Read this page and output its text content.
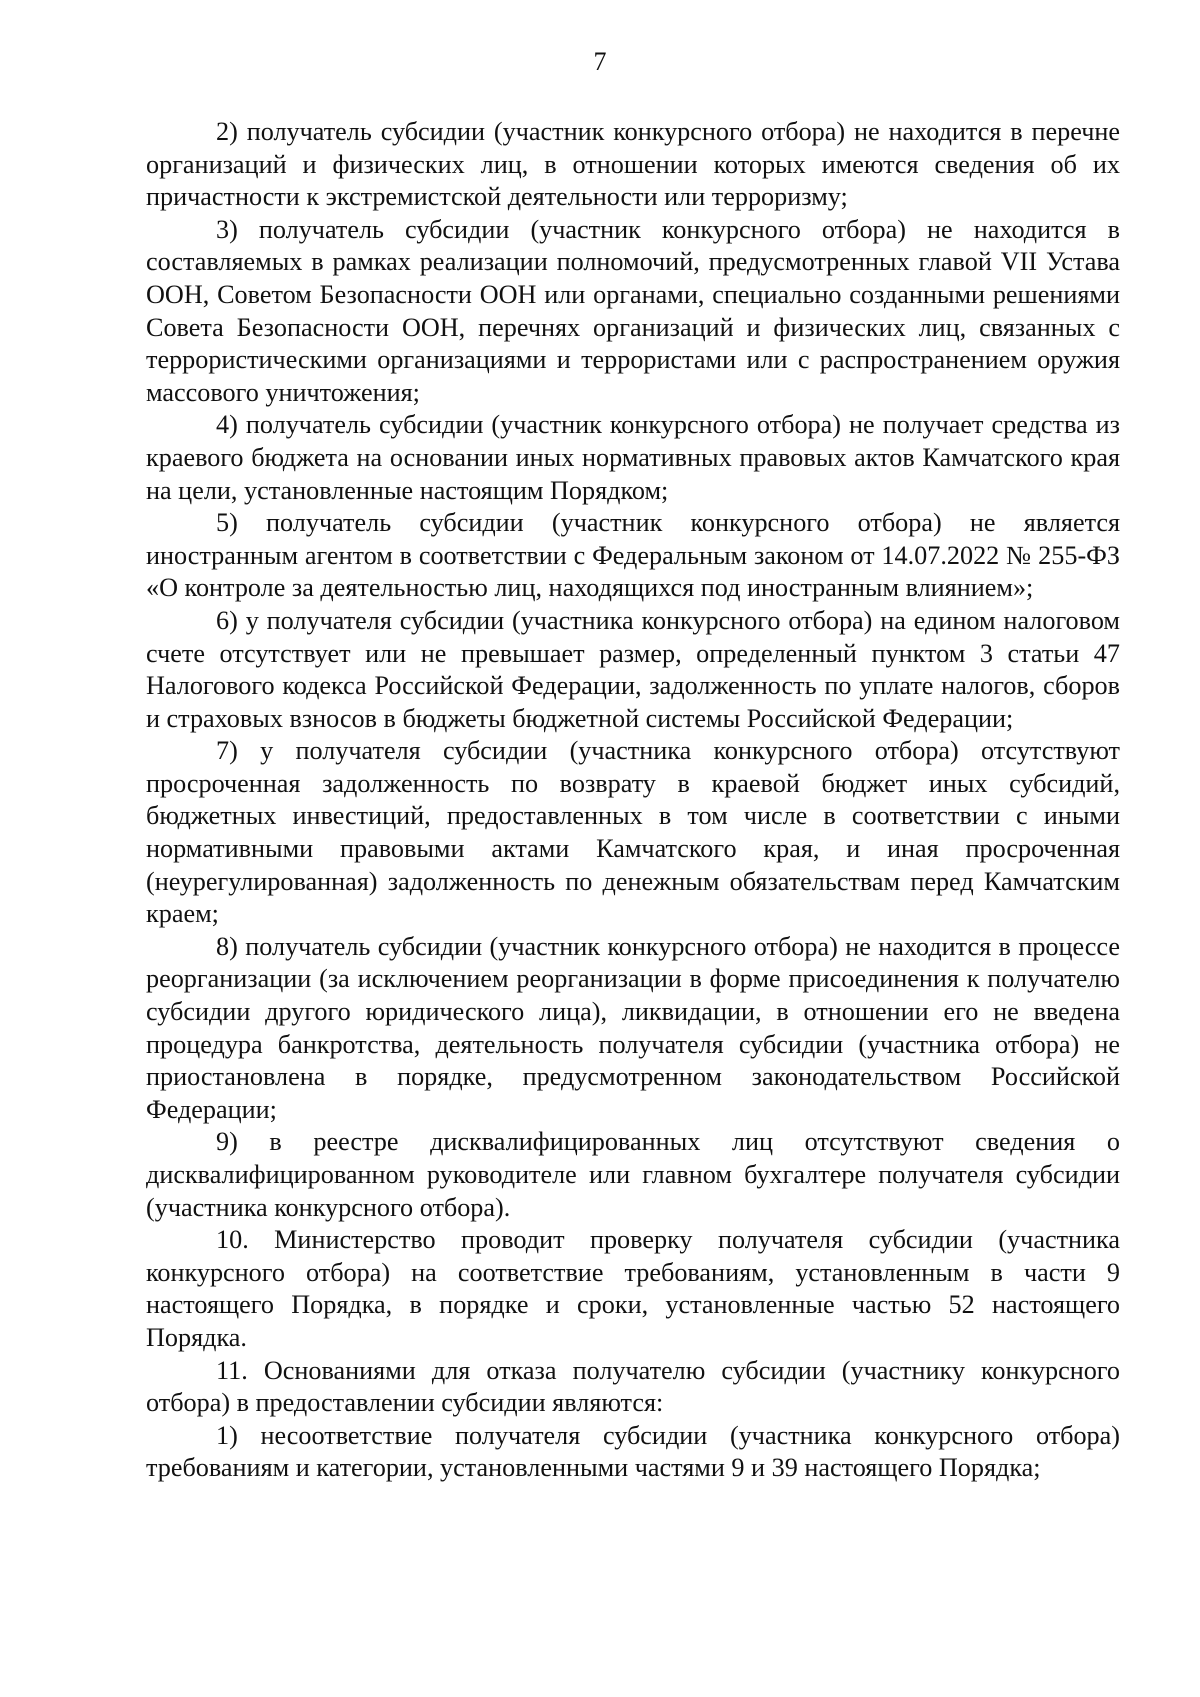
7

2) получатель субсидии (участник конкурсного отбора) не находится в перечне организаций и физических лиц, в отношении которых имеются сведения об их причастности к экстремистской деятельности или терроризму;

3) получатель субсидии (участник конкурсного отбора) не находится в составляемых в рамках реализации полномочий, предусмотренных главой VII Устава ООН, Советом Безопасности ООН или органами, специально созданными решениями Совета Безопасности ООН, перечнях организаций и физических лиц, связанных с террористическими организациями и террористами или с распространением оружия массового уничтожения;

4) получатель субсидии (участник конкурсного отбора) не получает средства из краевого бюджета на основании иных нормативных правовых актов Камчатского края на цели, установленные настоящим Порядком;

5) получатель субсидии (участник конкурсного отбора) не является иностранным агентом в соответствии с Федеральным законом от 14.07.2022 № 255-ФЗ «О контроле за деятельностью лиц, находящихся под иностранным влиянием»;

6) у получателя субсидии (участника конкурсного отбора) на едином налоговом счете отсутствует или не превышает размер, определенный пунктом 3 статьи 47 Налогового кодекса Российской Федерации, задолженность по уплате налогов, сборов и страховых взносов в бюджеты бюджетной системы Российской Федерации;

7) у получателя субсидии (участника конкурсного отбора) отсутствуют просроченная задолженность по возврату в краевой бюджет иных субсидий, бюджетных инвестиций, предоставленных в том числе в соответствии с иными нормативными правовыми актами Камчатского края, и иная просроченная (неурегулированная) задолженность по денежным обязательствам перед Камчатским краем;

8) получатель субсидии (участник конкурсного отбора) не находится в процессе реорганизации (за исключением реорганизации в форме присоединения к получателю субсидии другого юридического лица), ликвидации, в отношении его не введена процедура банкротства, деятельность получателя субсидии (участника отбора) не приостановлена в порядке, предусмотренном законодательством Российской Федерации;

9) в реестре дисквалифицированных лиц отсутствуют сведения о дисквалифицированном руководителе или главном бухгалтере получателя субсидии (участника конкурсного отбора).

10. Министерство проводит проверку получателя субсидии (участника конкурсного отбора) на соответствие требованиям, установленным в части 9 настоящего Порядка, в порядке и сроки, установленные частью 52 настоящего Порядка.

11. Основаниями для отказа получателю субсидии (участнику конкурсного отбора) в предоставлении субсидии являются:

1) несоответствие получателя субсидии (участника конкурсного отбора) требованиям и категории, установленными частями 9 и 39 настоящего Порядка;
